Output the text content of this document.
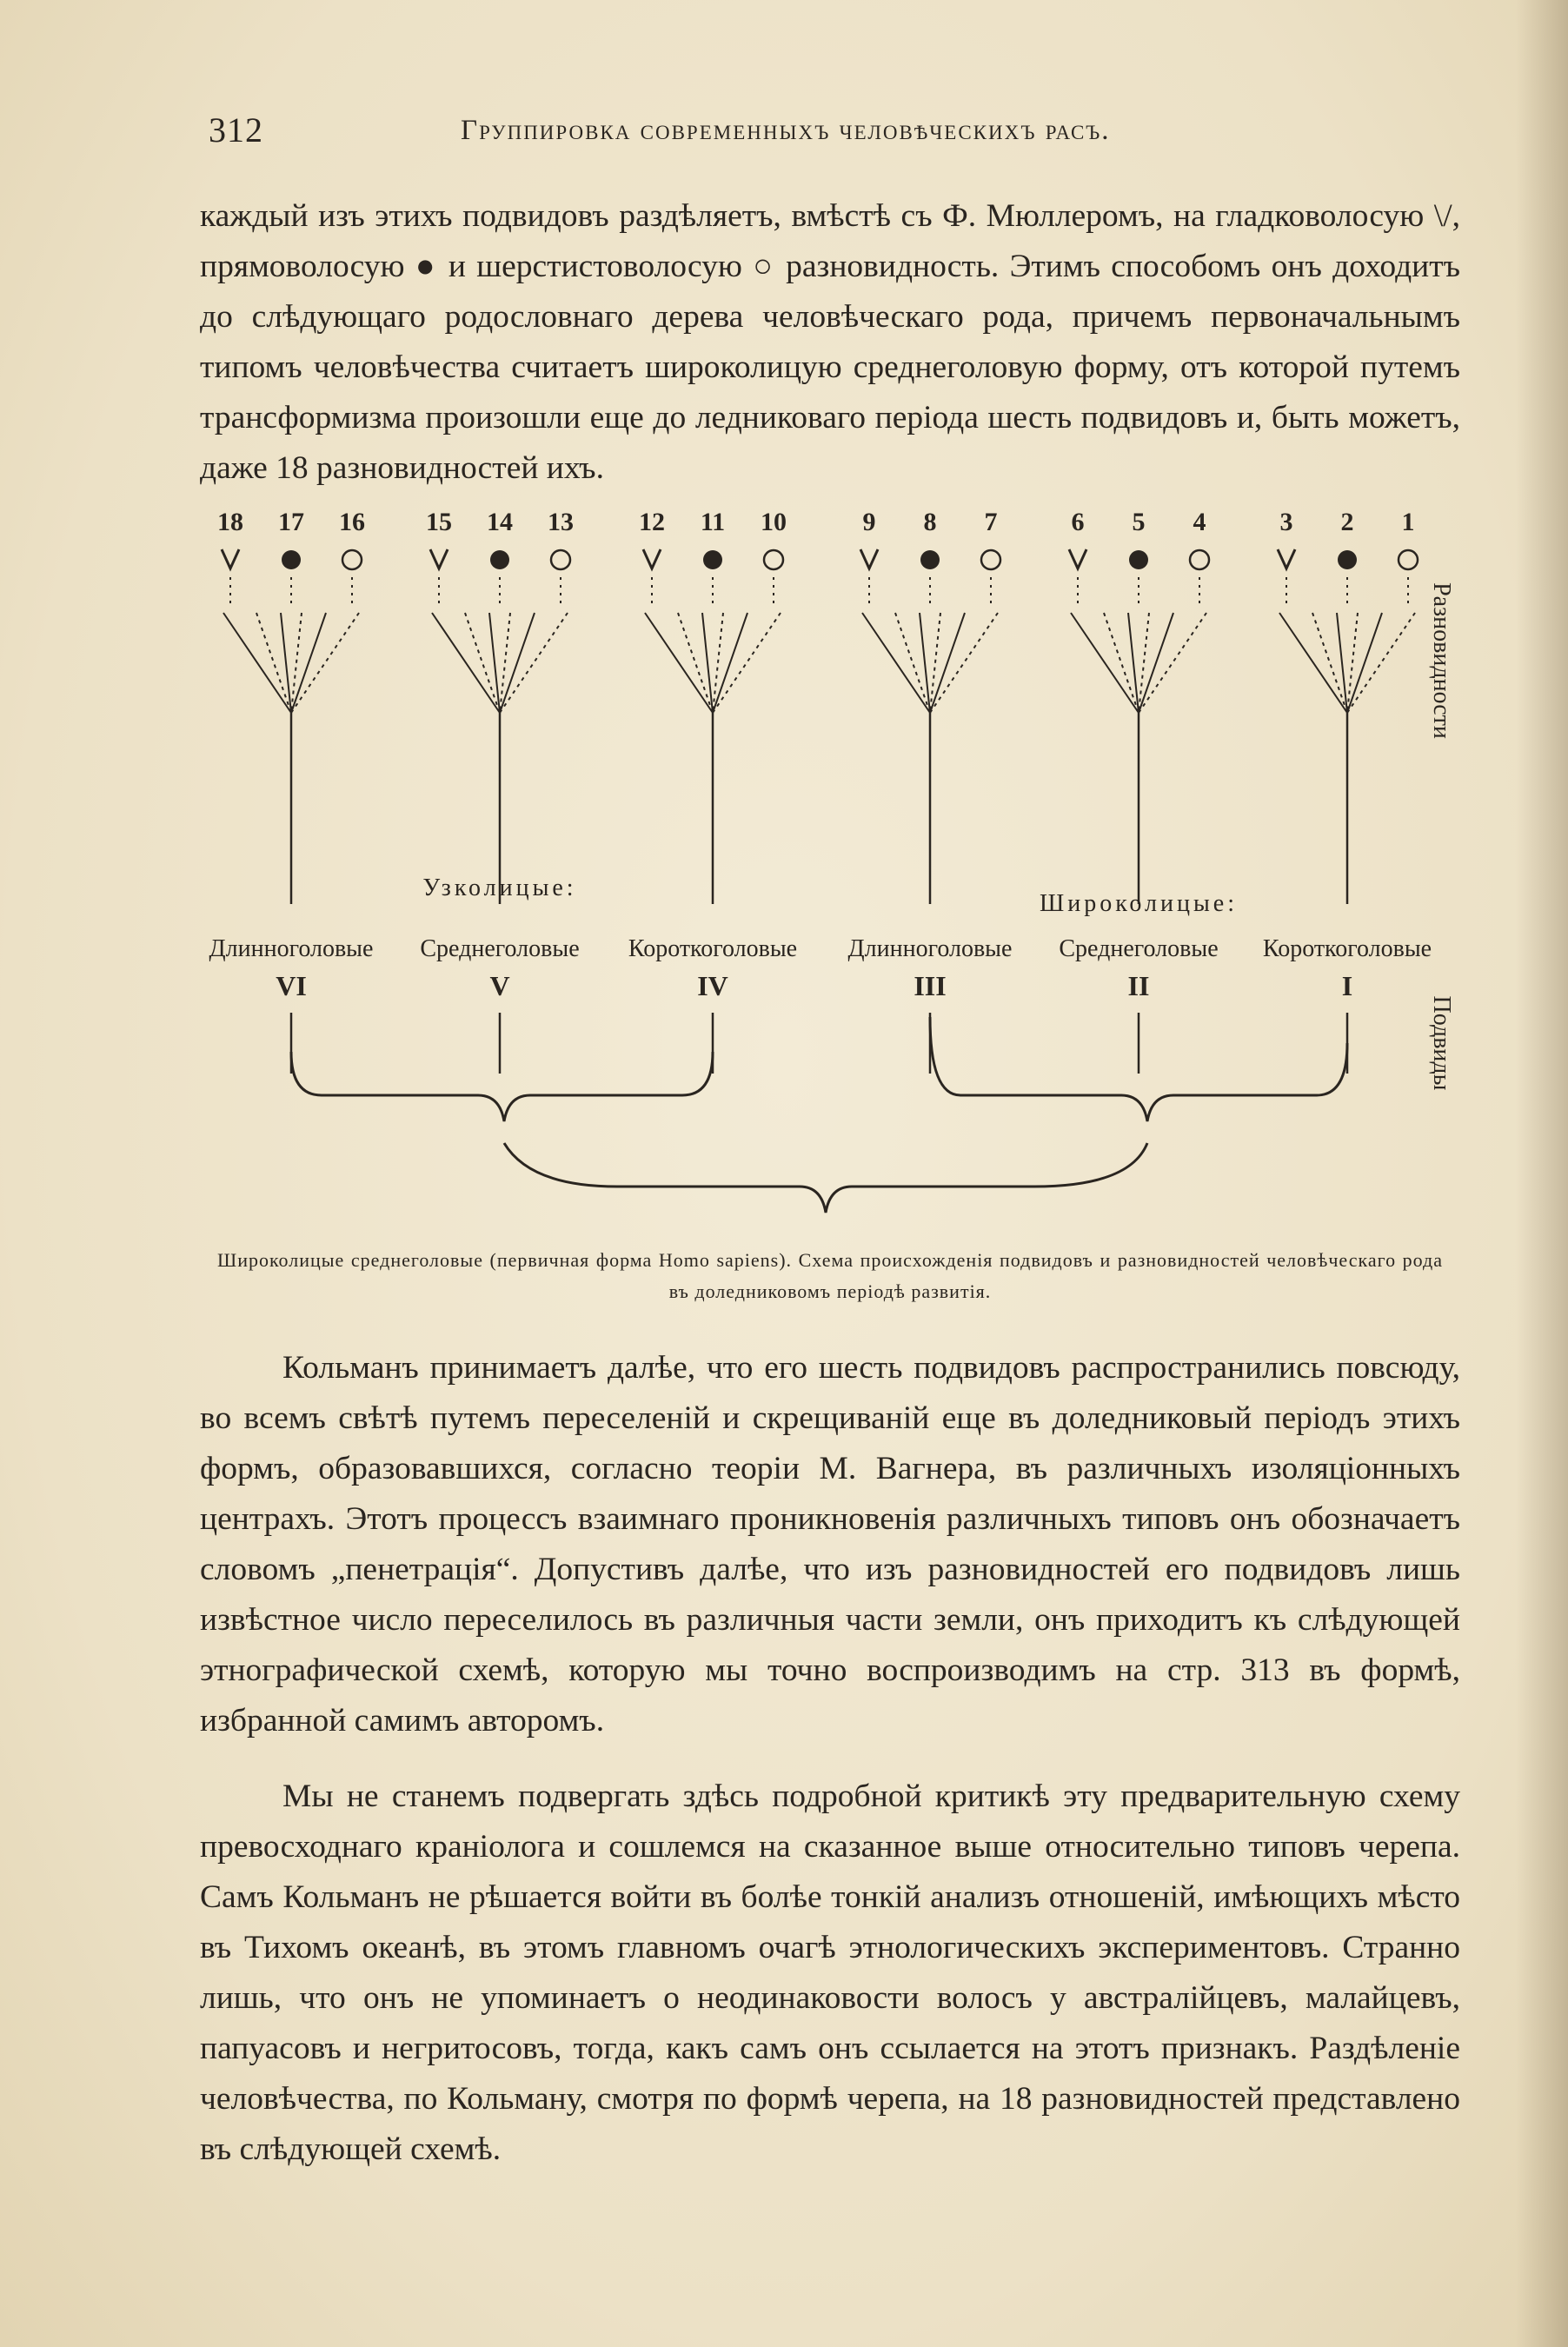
312	Группировка современныхъ человѣческихъ расъ.

каждый изъ этихъ подвидовъ раздѣляетъ, вмѣстѣ съ Ф. Мюллеромъ, на гладковолосую \/, прямоволосую ● и шерстистоволосую ○ разновидность. Этимъ способомъ онъ доходитъ до слѣдующаго родословнаго дерева человѣческаго рода, причемъ первоначальнымъ типомъ человѣчества считаетъ широколицую среднеголовую форму, отъ которой путемъ трансформизма произошли еще до ледниковаго періода шесть подвидовъ и, быть можетъ, даже 18 разновидностей ихъ.

18 17 16
Длинноголовые
VI
15 14 13
Среднеголовые
V
12 11 10
Короткоголовые
IV
9 8 7
Длинноголовые
III
6 5 4
Среднеголовые
II
3 2 1
Короткоголовые
I
Узколицые:
Широколицые:
Разновидности
Подвиды

Широколицые среднеголовые (первичная форма Homo sapiens). Схема происхожденія подвидовъ и разновидностей человѣческаго рода въ доледниковомъ періодѣ развитія.

Кольманъ принимаетъ далѣе, что его шесть подвидовъ распространились повсюду, во всемъ свѣтѣ путемъ переселеній и скрещиваній еще въ доледниковый періодъ этихъ формъ, образовавшихся, согласно теоріи М. Вагнера, въ различныхъ изоляціонныхъ центрахъ. Этотъ процессъ взаимнаго проникновенія различныхъ типовъ онъ обозначаетъ словомъ „пенетрація“. Допустивъ далѣе, что изъ разновидностей его подвидовъ лишь извѣстное число переселилось въ различныя части земли, онъ приходитъ къ слѣдующей этнографической схемѣ, которую мы точно воспроизводимъ на стр. 313 въ формѣ, избранной самимъ авторомъ.

Мы не станемъ подвергать здѣсь подробной критикѣ эту предварительную схему превосходнаго краніолога и сошлемся на сказанное выше относительно типовъ черепа. Самъ Кольманъ не рѣшается войти въ болѣе тонкій анализъ отношеній, имѣющихъ мѣсто въ Тихомъ океанѣ, въ этомъ главномъ очагѣ этнологическихъ экспериментовъ. Странно лишь, что онъ не упоминаетъ о неодинаковости волосъ у австралійцевъ, малайцевъ, папуасовъ и негритосовъ, тогда, какъ самъ онъ ссылается на этотъ признакъ. Раздѣленіе человѣчества, по Кольману, смотря по формѣ черепа, на 18 разновидностей представлено въ слѣдующей схемѣ.
